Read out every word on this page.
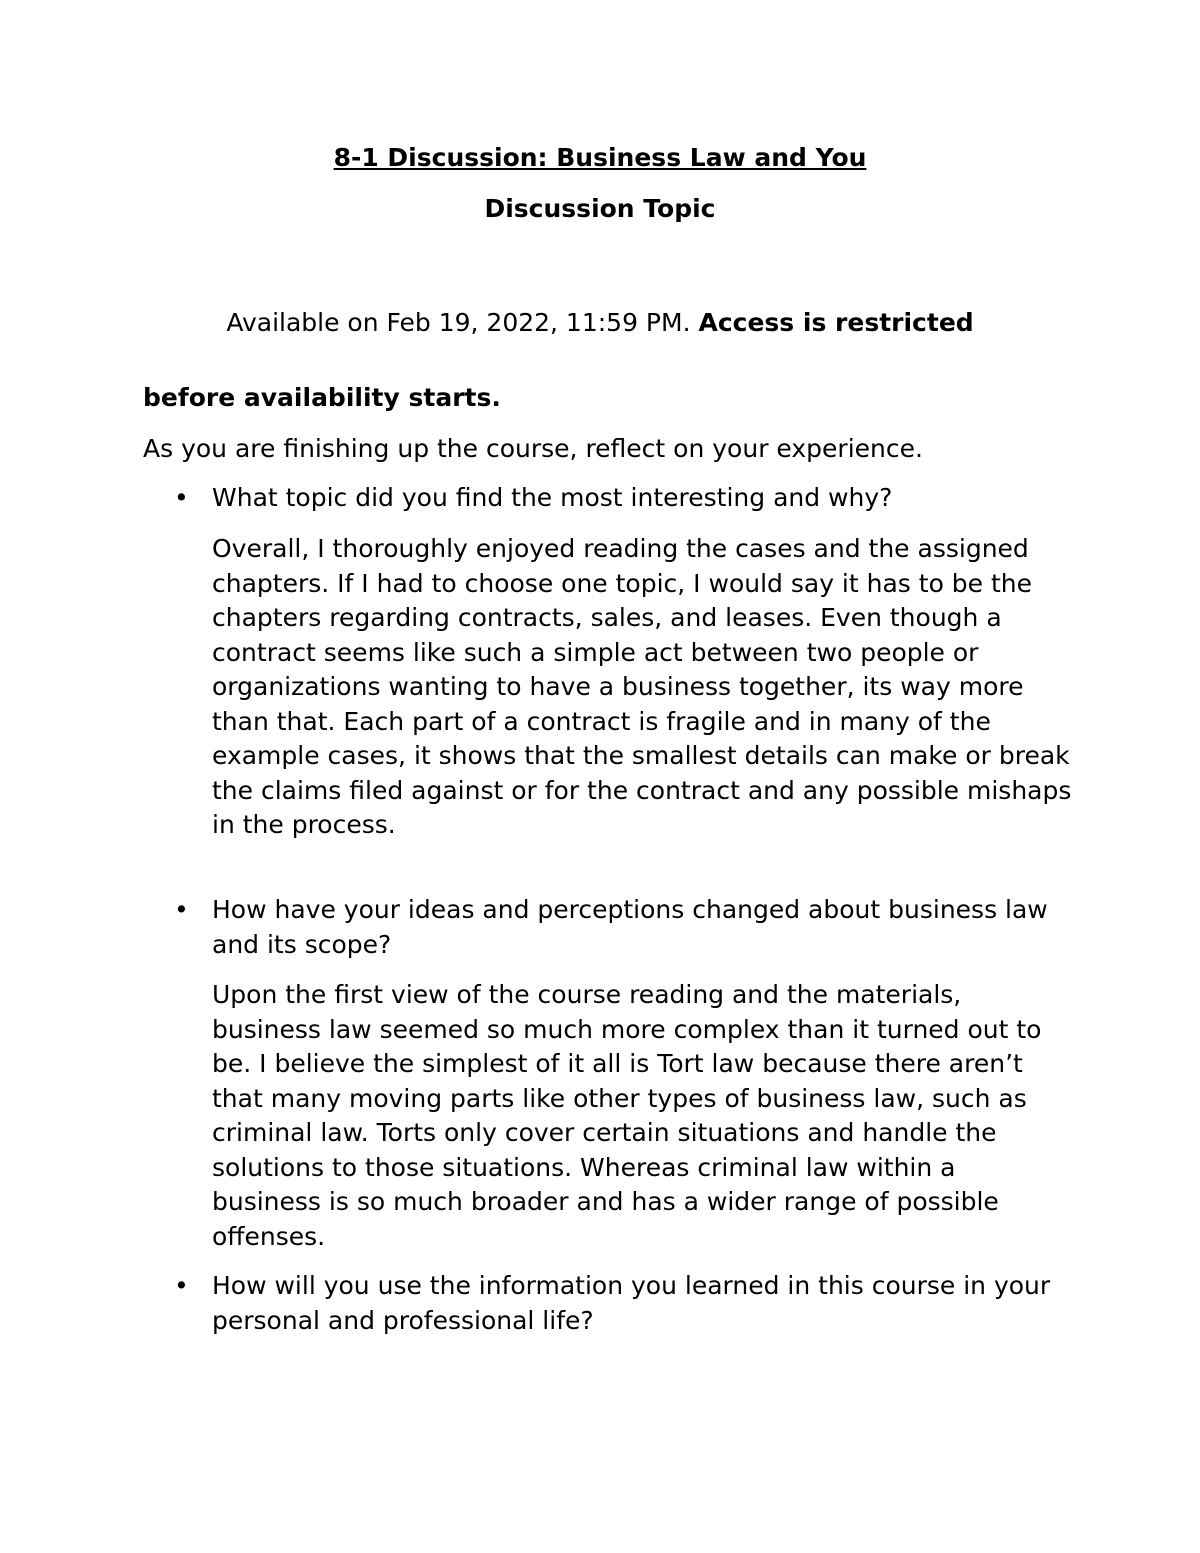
8-1 Discussion: Business Law and You

Discussion Topic

Available on Feb 19, 2022, 11:59 PM. Access is restricted

before availability starts.

As you are finishing up the course, reflect on your experience.

• What topic did you find the most interesting and why?

Overall, I thoroughly enjoyed reading the cases and the assigned chapters. If I had to choose one topic, I would say it has to be the chapters regarding contracts, sales, and leases. Even though a contract seems like such a simple act between two people or organizations wanting to have a business together, its way more than that. Each part of a contract is fragile and in many of the example cases, it shows that the smallest details can make or break the claims filed against or for the contract and any possible mishaps in the process.

• How have your ideas and perceptions changed about business law and its scope?

Upon the first view of the course reading and the materials, business law seemed so much more complex than it turned out to be. I believe the simplest of it all is Tort law because there aren’t that many moving parts like other types of business law, such as criminal law. Torts only cover certain situations and handle the solutions to those situations. Whereas criminal law within a business is so much broader and has a wider range of possible offenses.

• How will you use the information you learned in this course in your personal and professional life?
